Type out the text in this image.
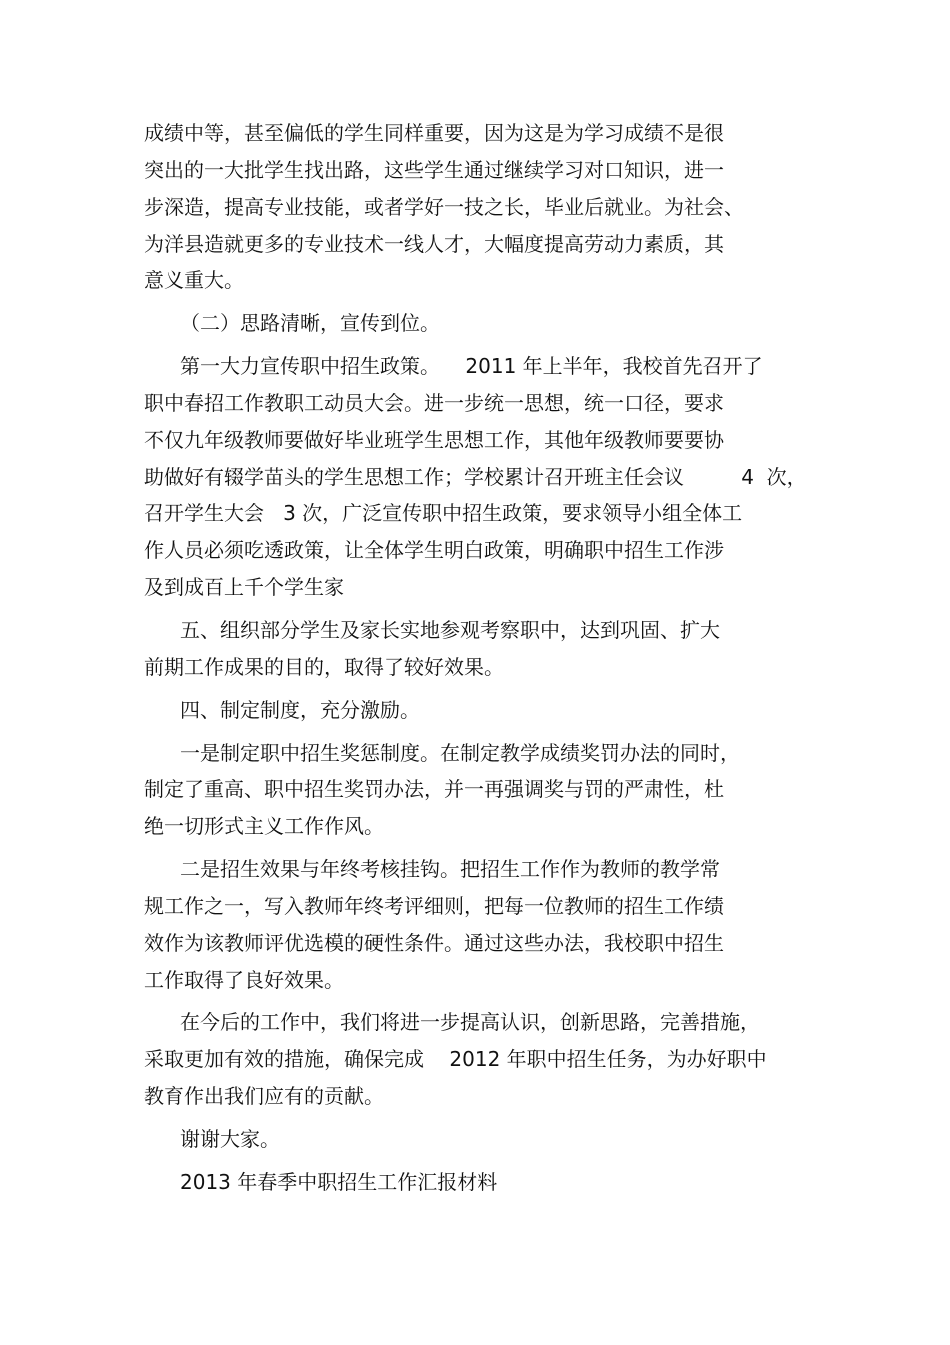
成绩中等，甚至偏低的学生同样重要，因为这是为学习成绩不是很

突出的一大批学生找出路，这些学生通过继续学习对口知识，进一

步深造，提高专业技能，或者学好一技之长，毕业后就业。为社会、

为洋县造就更多的专业技术一线人才，大幅度提高劳动力素质，其

意义重大。

（二）思路清晰，宣传到位。

第一大力宣传职中招生政策。    2011 年上半年，我校首先召开了

职中春招工作教职工动员大会。进一步统一思想，统一口径，要求

不仅九年级教师要做好毕业班学生思想工作，其他年级教师要要协

助做好有辍学苗头的学生思想工作；学校累计召开班主任会议         4  次，

召开学生大会   3 次，广泛宣传职中招生政策，要求领导小组全体工

作人员必须吃透政策，让全体学生明白政策，明确职中招生工作涉

及到成百上千个学生家

五、组织部分学生及家长实地参观考察职中，达到巩固、扩大

前期工作成果的目的，取得了较好效果。

四、制定制度，充分激励。

一是制定职中招生奖惩制度。在制定教学成绩奖罚办法的同时，

制定了重高、职中招生奖罚办法，并一再强调奖与罚的严肃性，杜

绝一切形式主义工作作风。

二是招生效果与年终考核挂钩。把招生工作作为教师的教学常

规工作之一，写入教师年终考评细则，把每一位教师的招生工作绩

效作为该教师评优选模的硬性条件。通过这些办法，我校职中招生

工作取得了良好效果。

在今后的工作中，我们将进一步提高认识，创新思路，完善措施，

采取更加有效的措施，确保完成    2012 年职中招生任务，为办好职中

教育作出我们应有的贡献。

谢谢大家。

2013 年春季中职招生工作汇报材料
